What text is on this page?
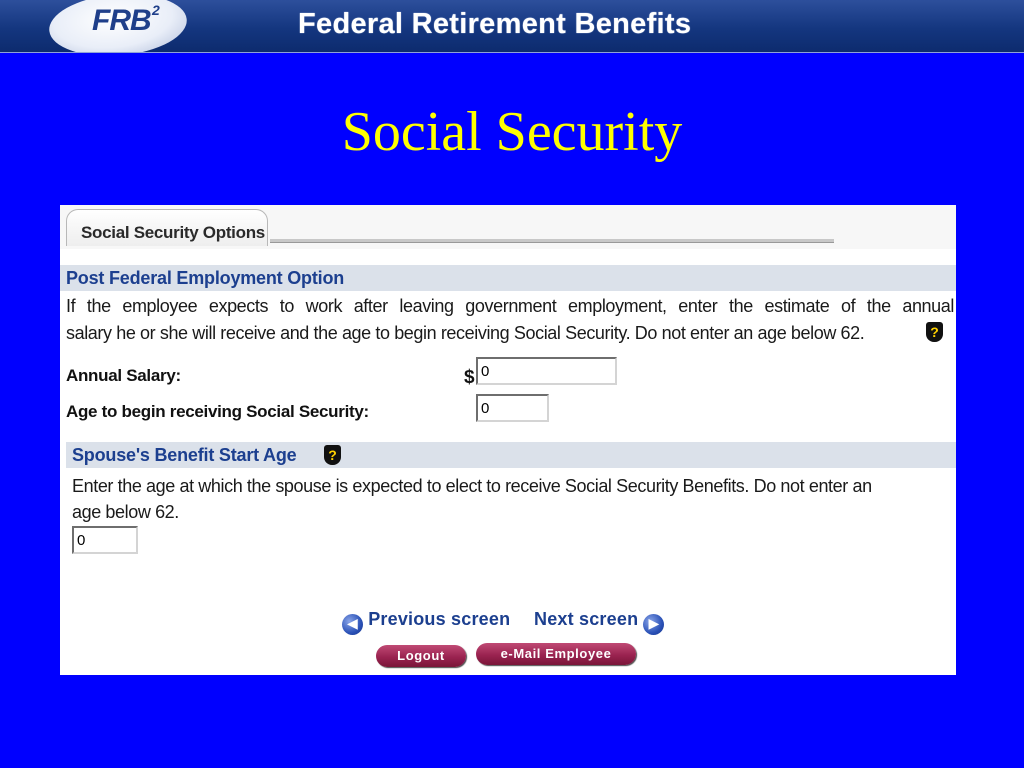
FRB 2	Federal Retirement Benefits
Social Security
Social Security Options
Post Federal Employment Option
If the employee expects to work after leaving government employment, enter the estimate of the annual
salary he or she will receive and the age to begin receiving Social Security. Do not enter an age below 62.	?
Annual Salary:	$
0
Age to begin receiving Social Security:
0
Spouse's Benefit Start Age	?
Enter the age at which the spouse is expected to elect to receive Social Security Benefits. Do not enter an
age below 62.
0
◀ Previous screen Next screen ▶
Logout	e-Mail Employee
